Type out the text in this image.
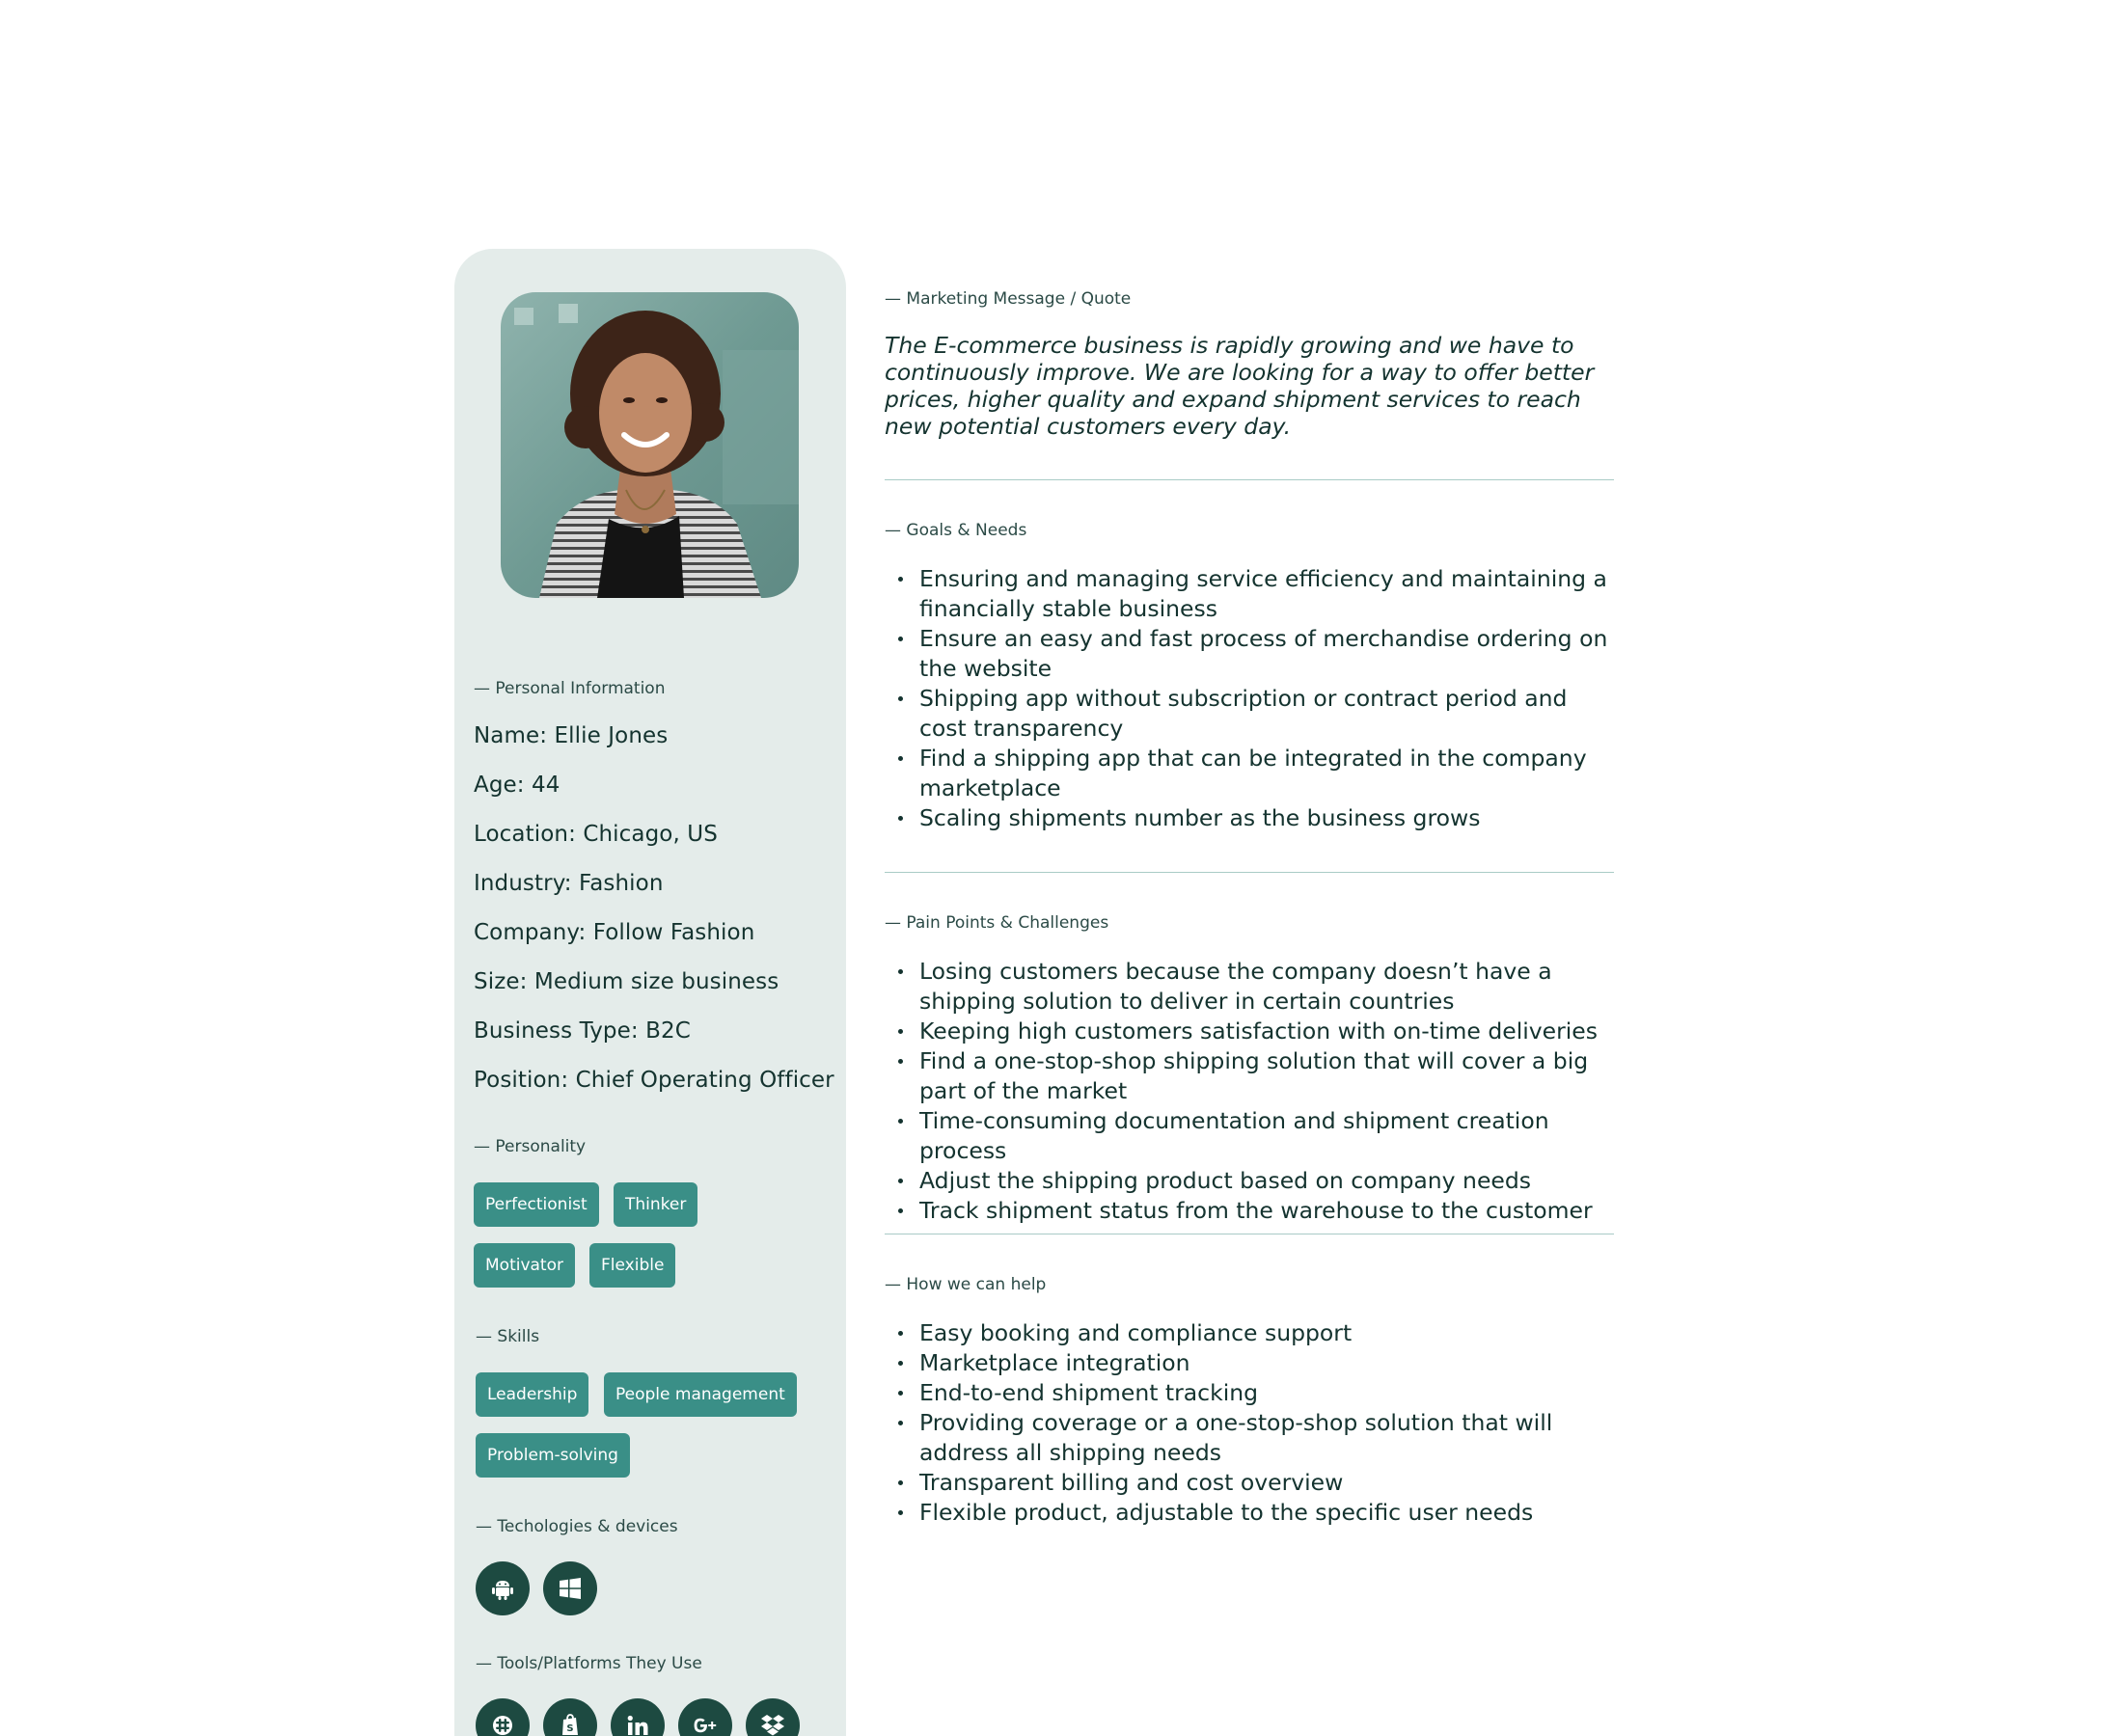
— Personal Information
Name: Ellie Jones
Age: 44
Location: Chicago, US
Industry: Fashion
Company: Follow Fashion
Size: Medium size business
Business Type: B2C
Position: Chief Operating Officer
— Personality
Perfectionist	Thinker
Motivator	Flexible
— Skills
Leadership	People management
Problem-solving
— Techologies & devices
— Tools/Platforms They Use
S
— Marketing Message / Quote

The E-commerce business is rapidly growing and we have to continuously improve. We are looking for a way to offer better prices, higher quality and expand shipment services to reach new potential customers every day.

— Goals & Needs
Ensuring and managing service efficiency and maintaining a financially stable business
Ensure an easy and fast process of merchandise ordering on the website
Shipping app without subscription or contract period and cost transparency
Find a shipping app that can be integrated in the company marketplace
Scaling shipments number as the business grows
— Pain Points & Challenges
Losing customers because the company doesn’t have a shipping solution to deliver in certain countries
Keeping high customers satisfaction with on-time deliveries
Find a one-stop-shop shipping solution that will cover a big part of the market
Time-consuming documentation and shipment creation process
Adjust the shipping product based on company needs
Track shipment status from the warehouse to the customer
— How we can help
Easy booking and compliance support
Marketplace integration
End-to-end shipment tracking
Providing coverage or a one-stop-shop solution that will address all shipping needs
Transparent billing and cost overview
Flexible product, adjustable to the specific user needs
